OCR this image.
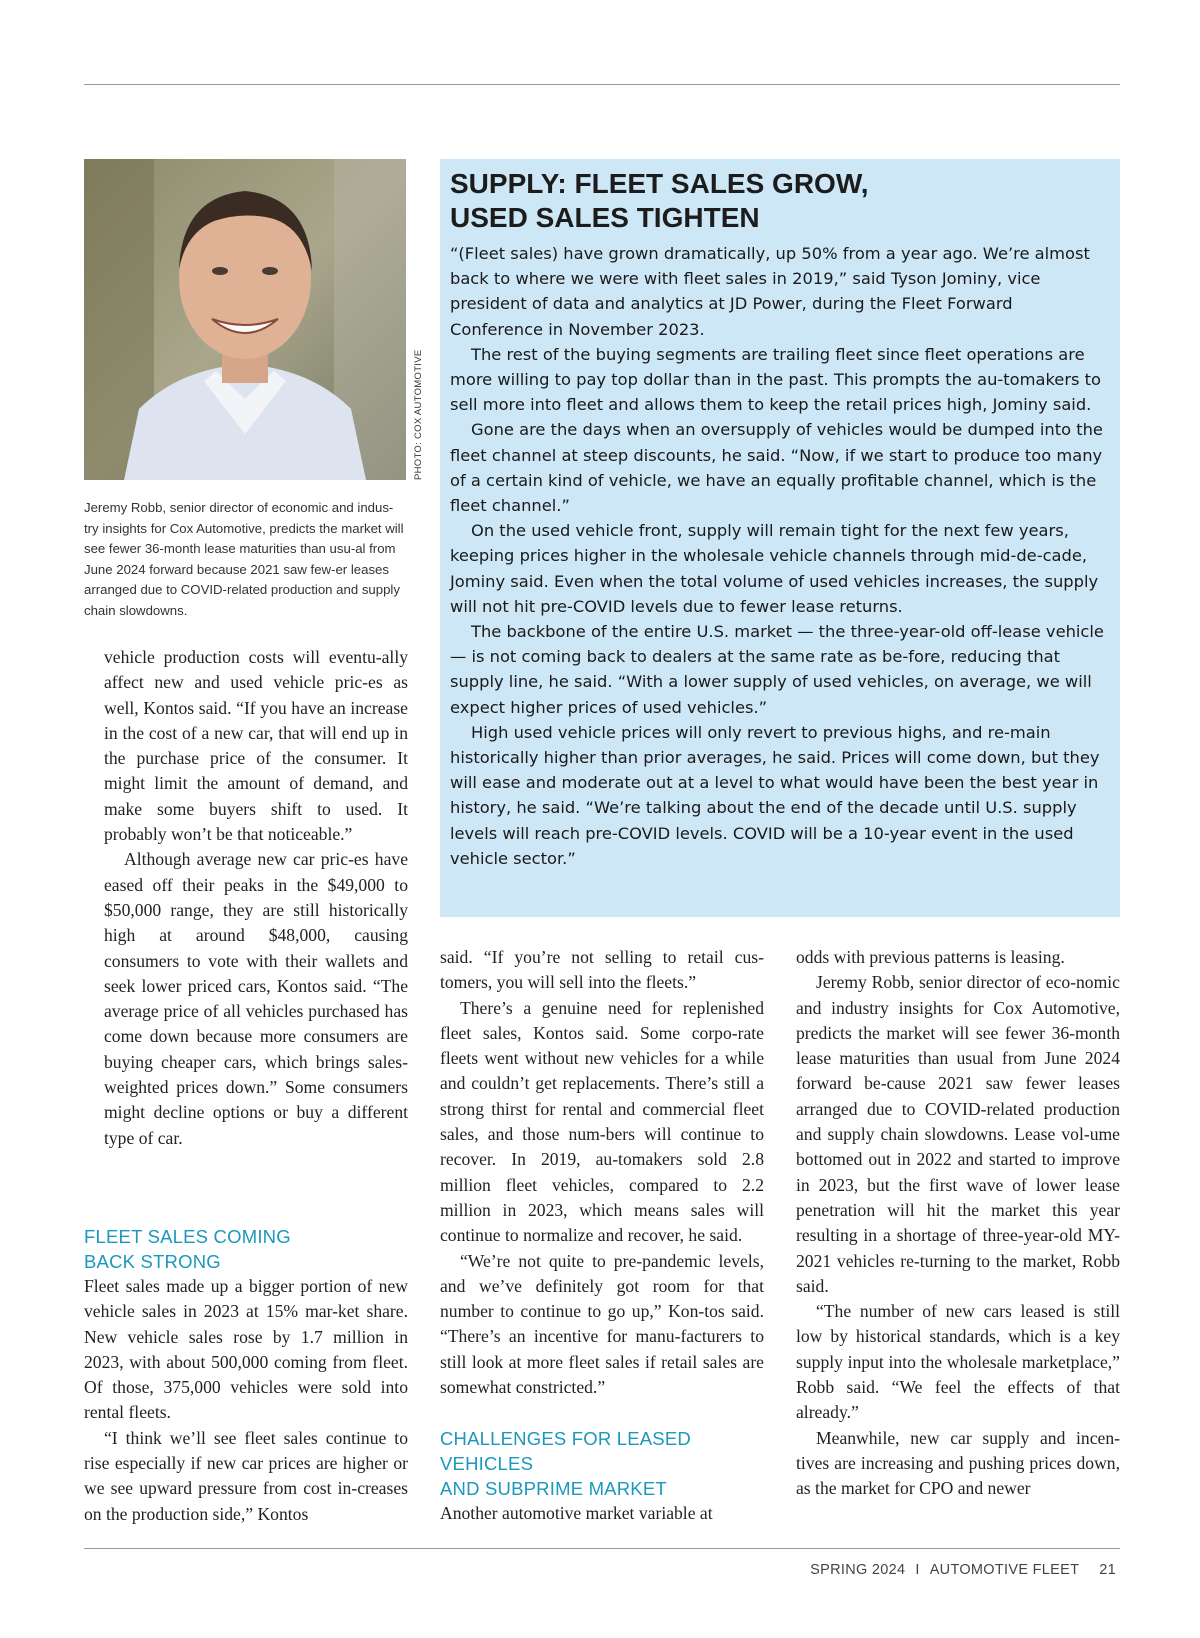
PHOTO: COX AUTOMOTIVE

Jeremy Robb, senior director of economic and indus-try insights for Cox Automotive, predicts the market will see fewer 36-month lease maturities than usu-al from June 2024 forward because 2021 saw few-er leases arranged due to COVID-related production and supply chain slowdowns.

SUPPLY: FLEET SALES GROW,
USED SALES TIGHTEN

“(Fleet sales) have grown dramatically, up 50% from a year ago. We’re almost back to where we were with fleet sales in 2019,” said Tyson Jominy, vice president of data and analytics at JD Power, during the Fleet Forward Conference in November 2023.

The rest of the buying segments are trailing fleet since fleet operations are more willing to pay top dollar than in the past. This prompts the au-tomakers to sell more into fleet and allows them to keep the retail prices high, Jominy said.

Gone are the days when an oversupply of vehicles would be dumped into the fleet channel at steep discounts, he said. “Now, if we start to produce too many of a certain kind of vehicle, we have an equally profitable channel, which is the fleet channel.”

On the used vehicle front, supply will remain tight for the next few years, keeping prices higher in the wholesale vehicle channels through mid-de-cade, Jominy said. Even when the total volume of used vehicles increases, the supply will not hit pre-COVID levels due to fewer lease returns.

The backbone of the entire U.S. market — the three-year-old off-lease vehicle — is not coming back to dealers at the same rate as be-fore, reducing that supply line, he said. “With a lower supply of used vehicles, on average, we will expect higher prices of used vehicles.”

High used vehicle prices will only revert to previous highs, and re-main historically higher than prior averages, he said. Prices will come down, but they will ease and moderate out at a level to what would have been the best year in history, he said. “We’re talking about the end of the decade until U.S. supply levels will reach pre-COVID levels. COVID will be a 10-year event in the used vehicle sector.”

vehicle production costs will eventu-ally affect new and used vehicle pric-es as well, Kontos said. “If you have an increase in the cost of a new car, that will end up in the purchase price of the consumer. It might limit the amount of demand, and make some buyers shift to used. It probably won’t be that noticeable.”

Although average new car pric-es have eased off their peaks in the $49,000 to $50,000 range, they are still historically high at around $48,000, causing consumers to vote with their wallets and seek lower priced cars, Kontos said. “The average price of all vehicles purchased has come down because more consumers are buying cheaper cars, which brings sales-weighted prices down.” Some consumers might decline options or buy a different type of car.

FLEET SALES COMING
BACK STRONG

Fleet sales made up a bigger portion of new vehicle sales in 2023 at 15% mar-ket share. New vehicle sales rose by 1.7 million in 2023, with about 500,000 coming from fleet. Of those, 375,000 vehicles were sold into rental fleets.

“I think we’ll see fleet sales continue to rise especially if new car prices are higher or we see upward pressure from cost in-creases on the production side,” Kontos

said. “If you’re not selling to retail cus-tomers, you will sell into the fleets.”

There’s a genuine need for replenished fleet sales, Kontos said. Some corpo-rate fleets went without new vehicles for a while and couldn’t get replacements. There’s still a strong thirst for rental and commercial fleet sales, and those num-bers will continue to recover. In 2019, au-tomakers sold 2.8 million fleet vehicles, compared to 2.2 million in 2023, which means sales will continue to normalize and recover, he said.

“We’re not quite to pre-pandemic levels, and we’ve definitely got room for that number to continue to go up,” Kon-tos said. “There’s an incentive for manu-facturers to still look at more fleet sales if retail sales are somewhat constricted.”

CHALLENGES FOR LEASED VEHICLES
AND SUBPRIME MARKET

Another automotive market variable at

odds with previous patterns is leasing.

Jeremy Robb, senior director of eco-nomic and industry insights for Cox Automotive, predicts the market will see fewer 36-month lease maturities than usual from June 2024 forward be-cause 2021 saw fewer leases arranged due to COVID-related production and supply chain slowdowns. Lease vol-ume bottomed out in 2022 and started to improve in 2023, but the first wave of lower lease penetration will hit the market this year resulting in a shortage of three-year-old MY-2021 vehicles re-turning to the market, Robb said.

“The number of new cars leased is still low by historical standards, which is a key supply input into the wholesale marketplace,” Robb said. “We feel the effects of that already.”

Meanwhile, new car supply and incen-tives are increasing and pushing prices down, as the market for CPO and newer

SPRING 2024 I AUTOMOTIVE FLEET 21
